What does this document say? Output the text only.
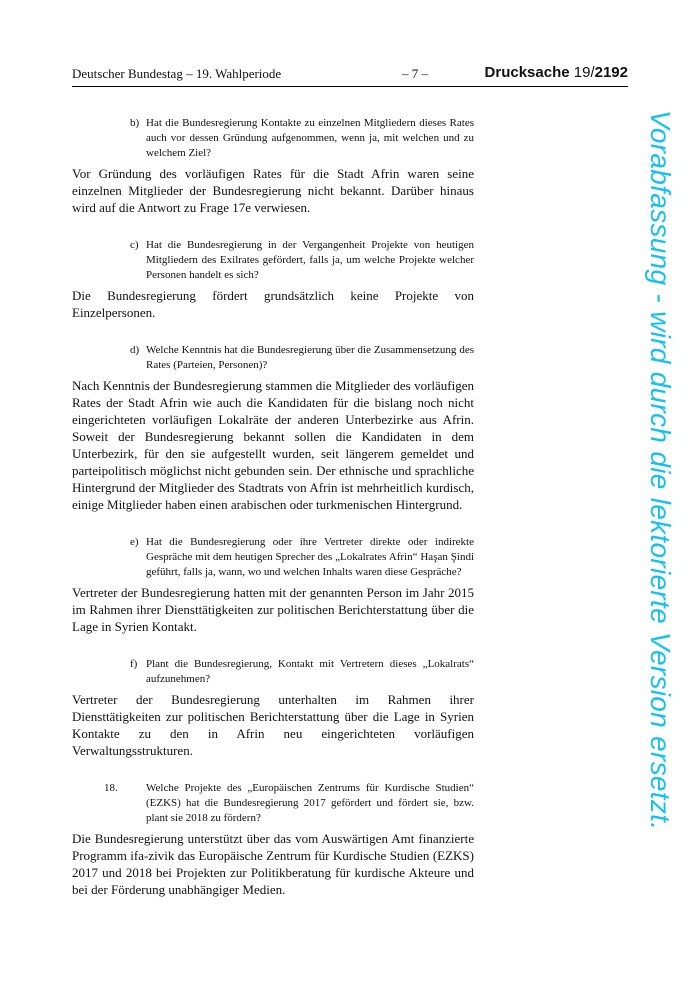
Deutscher Bundestag – 19. Wahlperiode	– 7 –	Drucksache 19/2192
b) Hat die Bundesregierung Kontakte zu einzelnen Mitgliedern dieses Rates auch vor dessen Gründung aufgenommen, wenn ja, mit welchen und zu welchem Ziel?

Vor Gründung des vorläufigen Rates für die Stadt Afrin waren seine einzelnen Mitglieder der Bundesregierung nicht bekannt. Darüber hinaus wird auf die Antwort zu Frage 17e verwiesen.

c) Hat die Bundesregierung in der Vergangenheit Projekte von heutigen Mitgliedern des Exilrates gefördert, falls ja, um welche Projekte welcher Personen handelt es sich?

Die Bundesregierung fördert grundsätzlich keine Projekte von Einzelpersonen.

d) Welche Kenntnis hat die Bundesregierung über die Zusammensetzung des Rates (Parteien, Personen)?

Nach Kenntnis der Bundesregierung stammen die Mitglieder des vorläufigen Rates der Stadt Afrin wie auch die Kandidaten für die bislang noch nicht eingerichteten vorläufigen Lokalräte der anderen Unterbezirke aus Afrin. Soweit der Bundesregierung bekannt sollen die Kandidaten in dem Unterbezirk, für den sie aufgestellt wurden, seit längerem gemeldet und parteipolitisch möglichst nicht gebunden sein. Der ethnische und sprachliche Hintergrund der Mitglieder des Stadtrats von Afrin ist mehrheitlich kurdisch, einige Mitglieder haben einen arabischen oder turkmenischen Hintergrund.

e) Hat die Bundesregierung oder ihre Vertreter direkte oder indirekte Gespräche mit dem heutigen Sprecher des „Lokalrates Afrin“ Haşan Şindi geführt, falls ja, wann, wo und welchen Inhalts waren diese Gespräche?

Vertreter der Bundesregierung hatten mit der genannten Person im Jahr 2015 im Rahmen ihrer Diensttätigkeiten zur politischen Berichterstattung über die Lage in Syrien Kontakt.

f) Plant die Bundesregierung, Kontakt mit Vertretern dieses „Lokalrats“ aufzunehmen?

Vertreter der Bundesregierung unterhalten im Rahmen ihrer Diensttätigkeiten zur politischen Berichterstattung über die Lage in Syrien Kontakte zu den in Afrin neu eingerichteten vorläufigen Verwaltungsstrukturen.

18.	Welche Projekte des „Europäischen Zentrums für Kurdische Studien“ (EZKS) hat die Bundesregierung 2017 gefördert und fördert sie, bzw. plant sie 2018 zu fördern?

Die Bundesregierung unterstützt über das vom Auswärtigen Amt finanzierte Programm ifa-zivik das Europäische Zentrum für Kurdische Studien (EZKS) 2017 und 2018 bei Projekten zur Politikberatung für kurdische Akteure und bei der Förderung unabhängiger Medien.

Vorabfassung - wird durch die lektorierte Version ersetzt.
